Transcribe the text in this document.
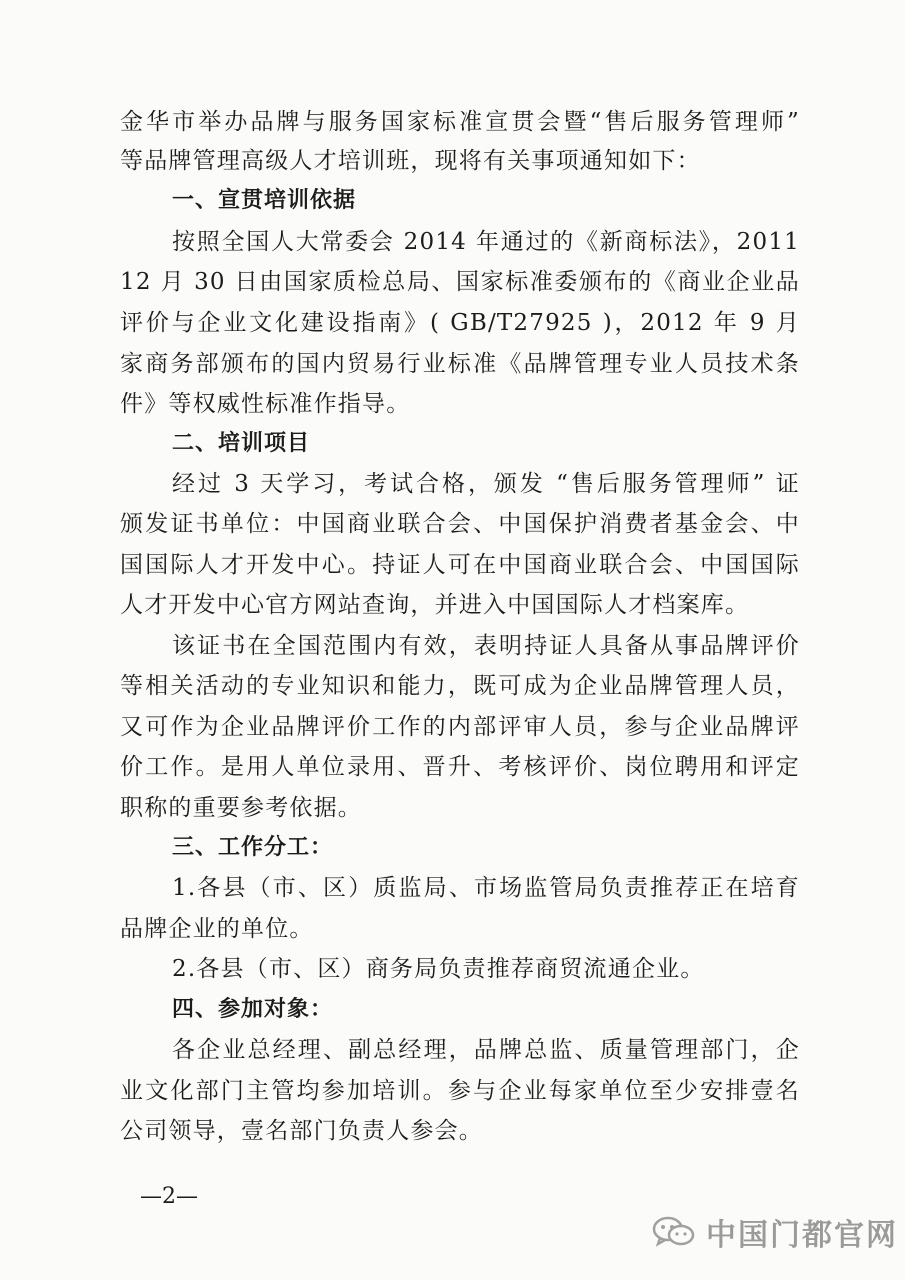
金华市举办品牌与服务国家标准宣贯会暨“售后服务管理师”
等品牌管理高级人才培训班，现将有关事项通知如下：
一、宣贯培训依据
按照全国人大常委会 2014 年通过的《新商标法》，2011
12 月 30 日由国家质检总局、国家标准委颁布的《商业企业品
评价与企业文化建设指南》( GB/T27925 )，2012 年 9 月
家商务部颁布的国内贸易行业标准《品牌管理专业人员技术条
件》等权威性标准作指导。
二、培训项目
经过 3 天学习，考试合格，颁发 “售后服务管理师” 证
颁发证书单位：中国商业联合会、中国保护消费者基金会、中
国国际人才开发中心。持证人可在中国商业联合会、中国国际
人才开发中心官方网站查询，并进入中国国际人才档案库。
该证书在全国范围内有效，表明持证人具备从事品牌评价
等相关活动的专业知识和能力，既可成为企业品牌管理人员，
又可作为企业品牌评价工作的内部评审人员，参与企业品牌评
价工作。是用人单位录用、晋升、考核评价、岗位聘用和评定
职称的重要参考依据。
三、工作分工：
1.各县（市、区）质监局、市场监管局负责推荐正在培育
品牌企业的单位。
2.各县（市、区）商务局负责推荐商贸流通企业。
四、参加对象：
各企业总经理、副总经理，品牌总监、质量管理部门，企
业文化部门主管均参加培训。参与企业每家单位至少安排壹名
公司领导，壹名部门负责人参会。
—2—
中国门都官网
